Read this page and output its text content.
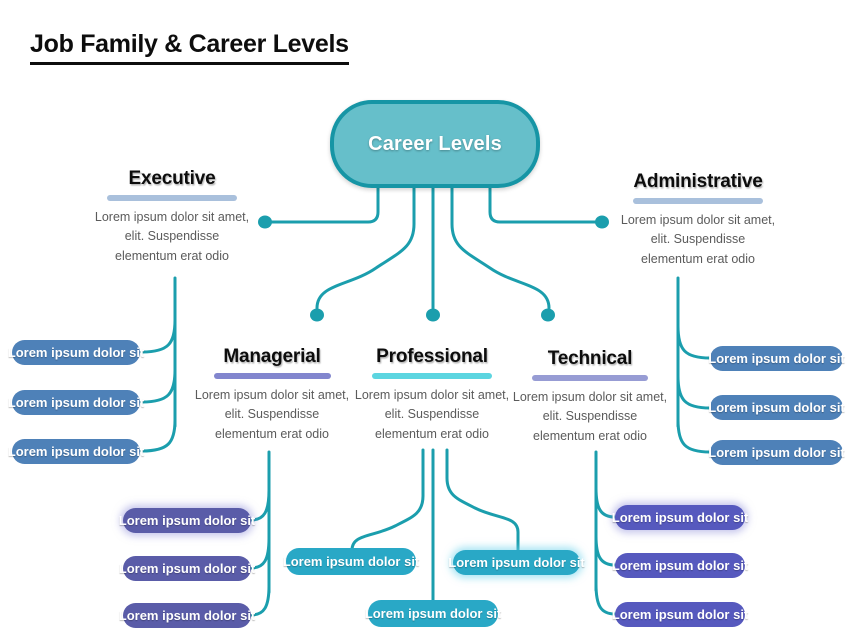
Job Family & Career Levels
Career Levels
Executive

Lorem ipsum dolor sit amet, elit. Suspendisse elementum erat odio

Administrative

Lorem ipsum dolor sit amet, elit. Suspendisse elementum erat odio

Managerial

Lorem ipsum dolor sit amet, elit. Suspendisse elementum erat odio

Professional

Lorem ipsum dolor sit amet, elit. Suspendisse elementum erat odio

Technical

Lorem ipsum dolor sit amet, elit. Suspendisse elementum erat odio

Lorem ipsum dolor sit
Lorem ipsum dolor sit
Lorem ipsum dolor sit
Lorem ipsum dolor sit
Lorem ipsum dolor sit
Lorem ipsum dolor sit
Lorem ipsum dolor sit
Lorem ipsum dolor sit
Lorem ipsum dolor sit
Lorem ipsum dolor sit Lorem ipsum dolor sit
Lorem ipsum dolor sit
Lorem ipsum dolor sit
Lorem ipsum dolor sit
Lorem ipsum dolor sit
